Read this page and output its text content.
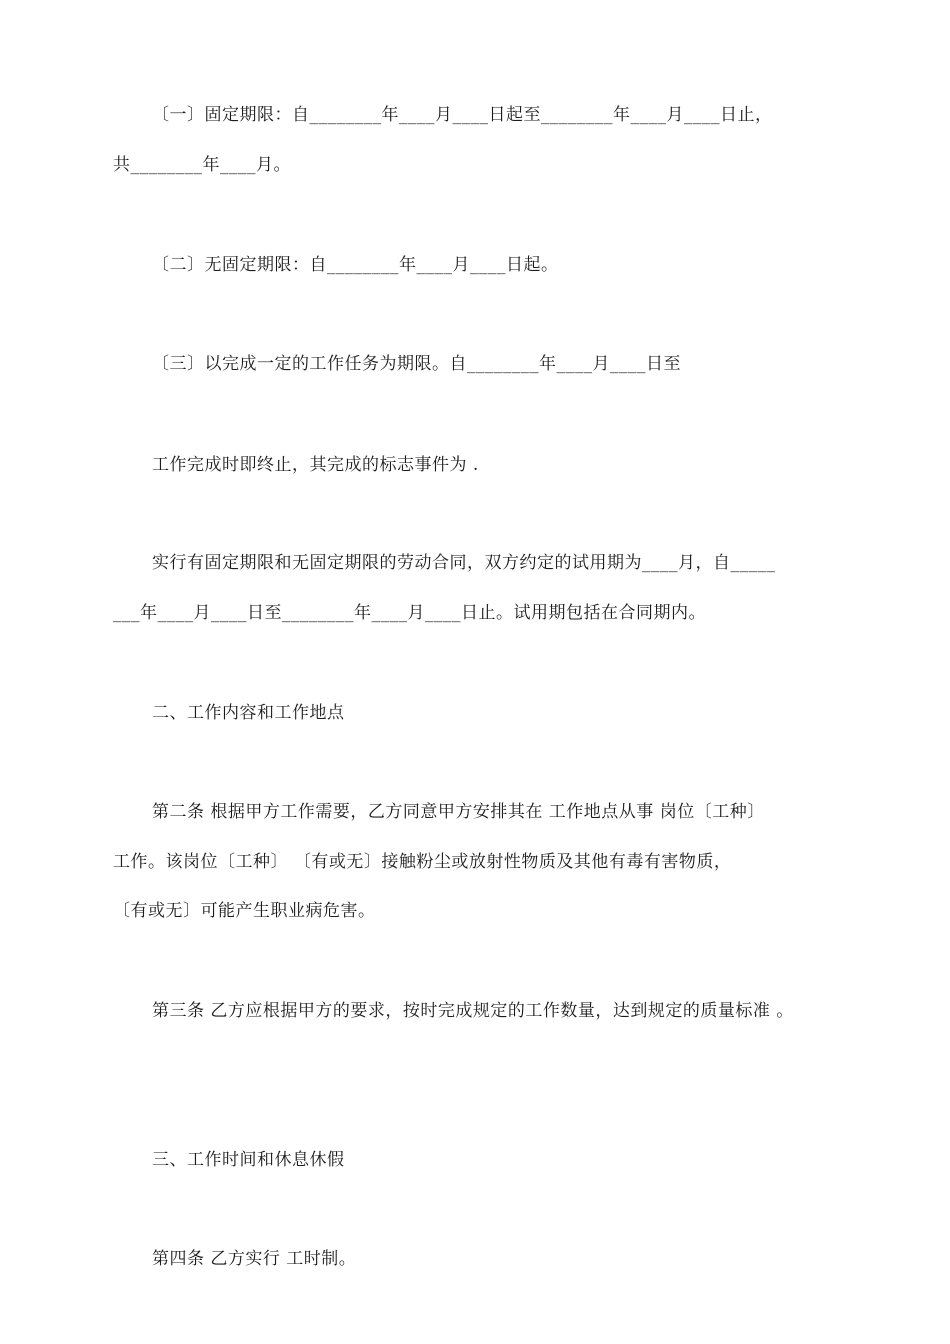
〔一〕固定期限：自________年____月____日起至________年____月____日止，
共________年____月。
〔二〕无固定期限：自________年____月____日起。
〔三〕以完成一定的工作任务为期限。自________年____月____日至
工作完成时即终止，其完成的标志事件为 .
实行有固定期限和无固定期限的劳动合同，双方约定的试用期为____月，自_____
___年____月____日至________年____月____日止。试用期包括在合同期内。
二、工作内容和工作地点
第二条 根据甲方工作需要，乙方同意甲方安排其在 工作地点从事 岗位〔工种〕
工作。该岗位〔工种〕 〔有或无〕接触粉尘或放射性物质及其他有毒有害物质，
〔有或无〕可能产生职业病危害。
第三条 乙方应根据甲方的要求，按时完成规定的工作数量，达到规定的质量标准 。
三、工作时间和休息休假
第四条 乙方实行 工时制。
